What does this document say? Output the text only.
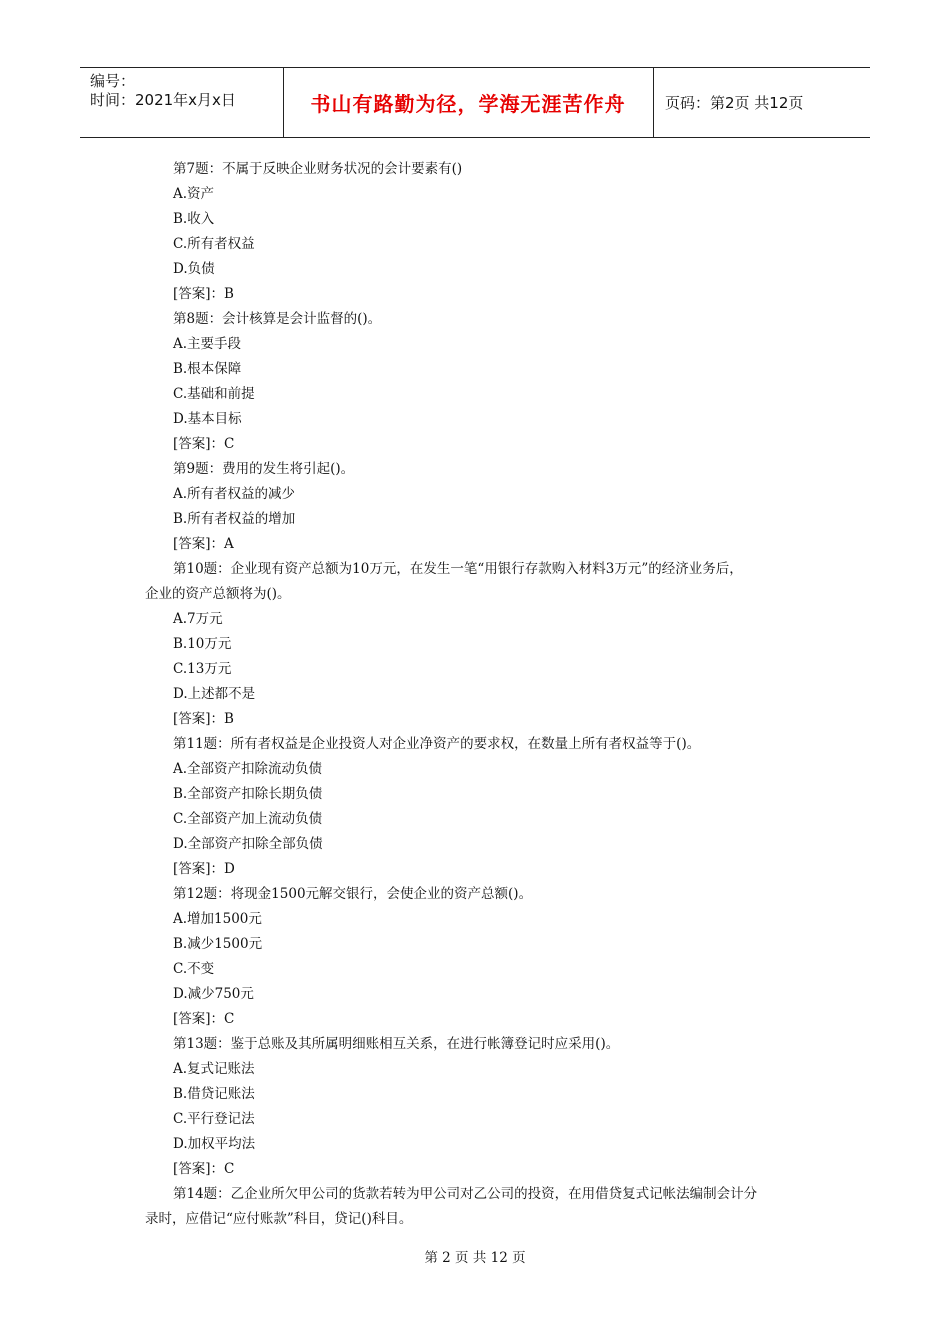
编号：
时间：2021年x月x日	书山有路勤为径，学海无涯苦作舟	页码：第2页 共12页
第7题：不属于反映企业财务状况的会计要素有()
A.资产
B.收入
C.所有者权益
D.负债
[答案]：B
第8题：会计核算是会计监督的()。
A.主要手段
B.根本保障
C.基础和前提
D.基本目标
[答案]：C
第9题：费用的发生将引起()。
A.所有者权益的减少
B.所有者权益的增加
[答案]：A
第10题：企业现有资产总额为10万元，在发生一笔“用银行存款购入材料3万元”的经济业务后，
企业的资产总额将为()。
A.7万元
B.10万元
C.13万元
D.上述都不是
[答案]：B
第11题：所有者权益是企业投资人对企业净资产的要求权，在数量上所有者权益等于()。
A.全部资产扣除流动负债
B.全部资产扣除长期负债
C.全部资产加上流动负债
D.全部资产扣除全部负债
[答案]：D
第12题：将现金1500元解交银行，会使企业的资产总额()。
A.增加1500元
B.减少1500元
C.不变
D.减少750元
[答案]：C
第13题：鉴于总账及其所属明细账相互关系，在进行帐簿登记时应采用()。
A.复式记账法
B.借贷记账法
C.平行登记法
D.加权平均法
[答案]：C
第14题：乙企业所欠甲公司的货款若转为甲公司对乙公司的投资，在用借贷复式记帐法编制会计分
录时，应借记“应付账款”科目，贷记()科目。
第 2 页 共 12 页
